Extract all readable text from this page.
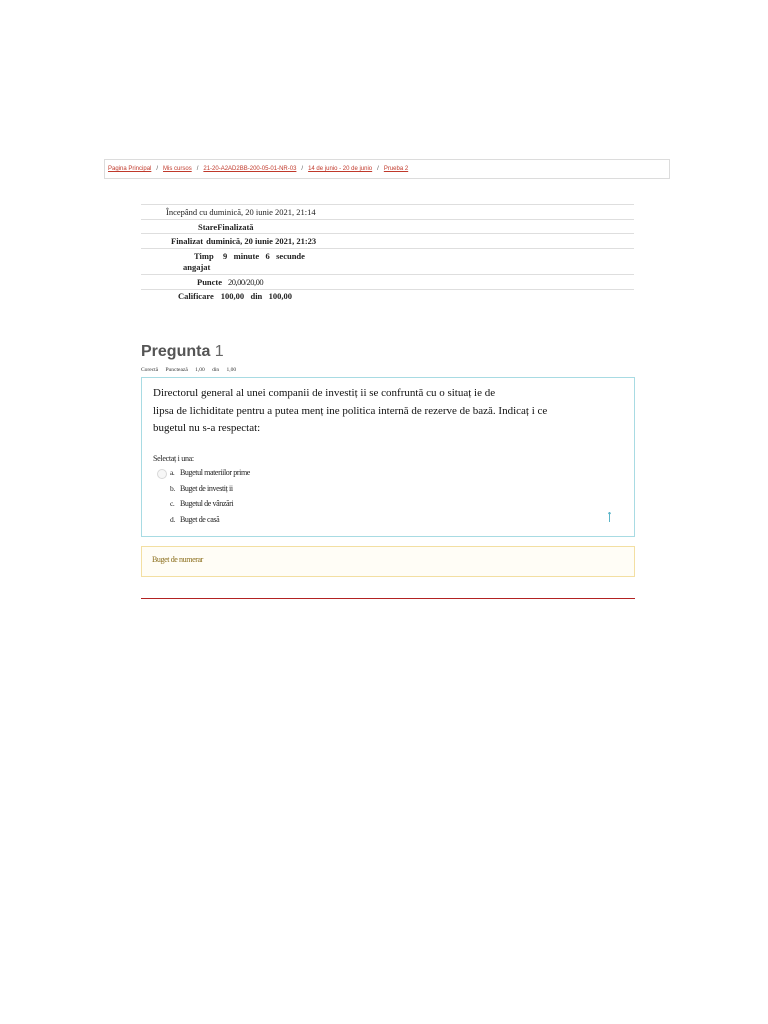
Pagina Principal / Mis cursos / 21-20-A2AD2BB-200-05-01-NR-03 / 14 de junio - 20 de junio / Prueba 2
Începând cu duminică, 20 iunie 2021, 21:14
Stare Finalizată
Finalizat duminică, 20 iunie 2021, 21:23
Timp
angajat
9   minute   6   secunde
Puncte 20,00/20,00
Calificare 100,00   din   100,00
Pregunta 1
Corectă Punctează 1,00 din 1,00
Directorul general al unei companii de investiț ii se confruntă cu o situaț ie de
lipsa de lichiditate pentru a putea menț ine politica internă de rezerve de bază. Indicaț i ce
bugetul nu s-a respectat:
Selectaț i una:
a. Bugetul materiilor prime
b. Buget de investiț ii
c. Bugetul de vânzări
d. Buget de casă
Buget de numerar
